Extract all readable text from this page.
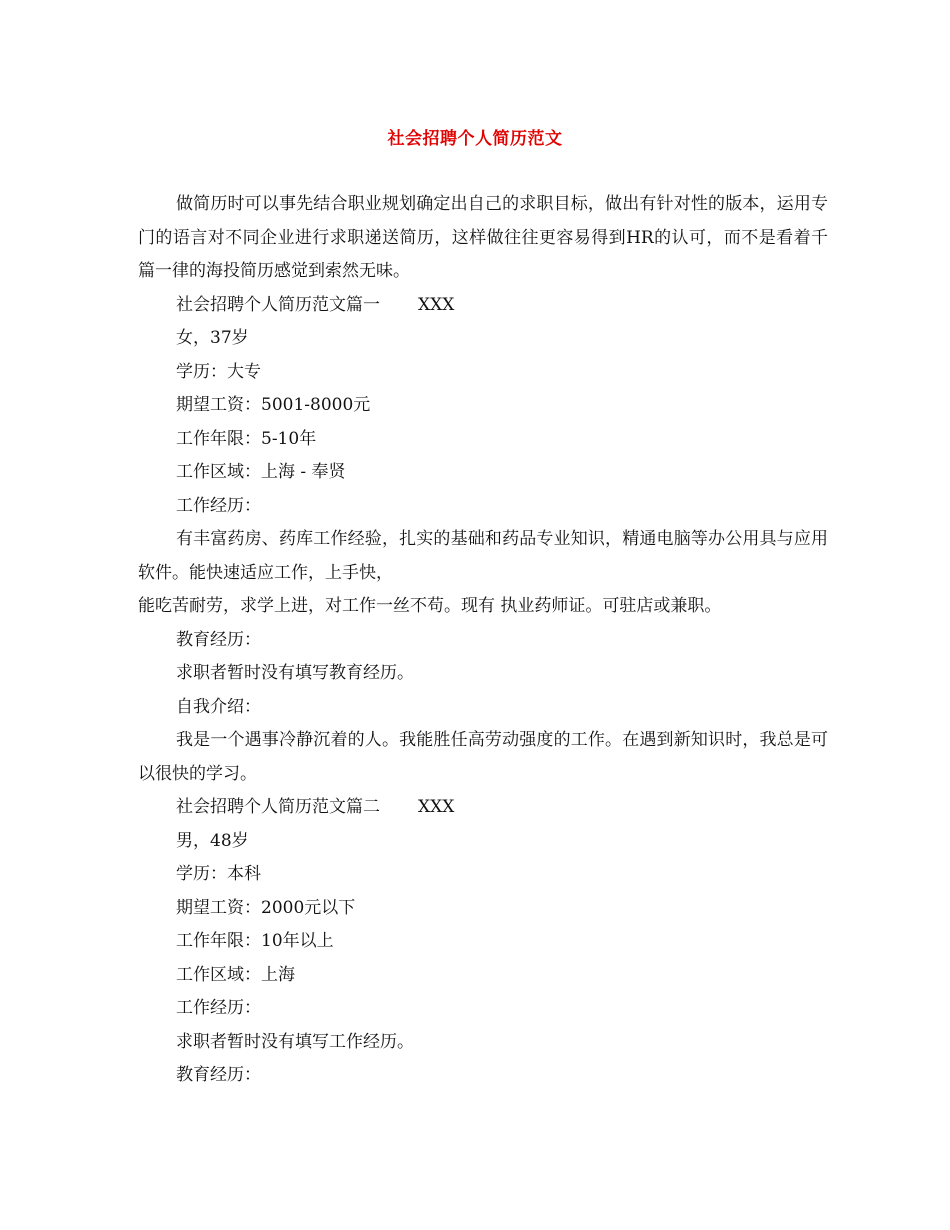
社会招聘个人简历范文

做简历时可以事先结合职业规划确定出自己的求职目标，做出有针对性的版本，运用专门的语言对不同企业进行求职递送简历，这样做往往更容易得到HR的认可，而不是看着千篇一律的海投简历感觉到索然无味。

社会招聘个人简历范文篇一 XXX

女，37岁

学历：大专

期望工资：5001-8000元

工作年限：5-10年

工作区域：上海 - 奉贤

工作经历：

有丰富药房、药库工作经验，扎实的基础和药品专业知识，精通电脑等办公用具与应用软件。能快速适应工作，上手快，

能吃苦耐劳，求学上进，对工作一丝不苟。现有 执业药师证。可驻店或兼职。

教育经历：

求职者暂时没有填写教育经历。

自我介绍：

我是一个遇事冷静沉着的人。我能胜任高劳动强度的工作。在遇到新知识时，我总是可以很快的学习。

社会招聘个人简历范文篇二 XXX

男，48岁

学历：本科

期望工资：2000元以下

工作年限：10年以上

工作区域：上海

工作经历：

求职者暂时没有填写工作经历。

教育经历：
